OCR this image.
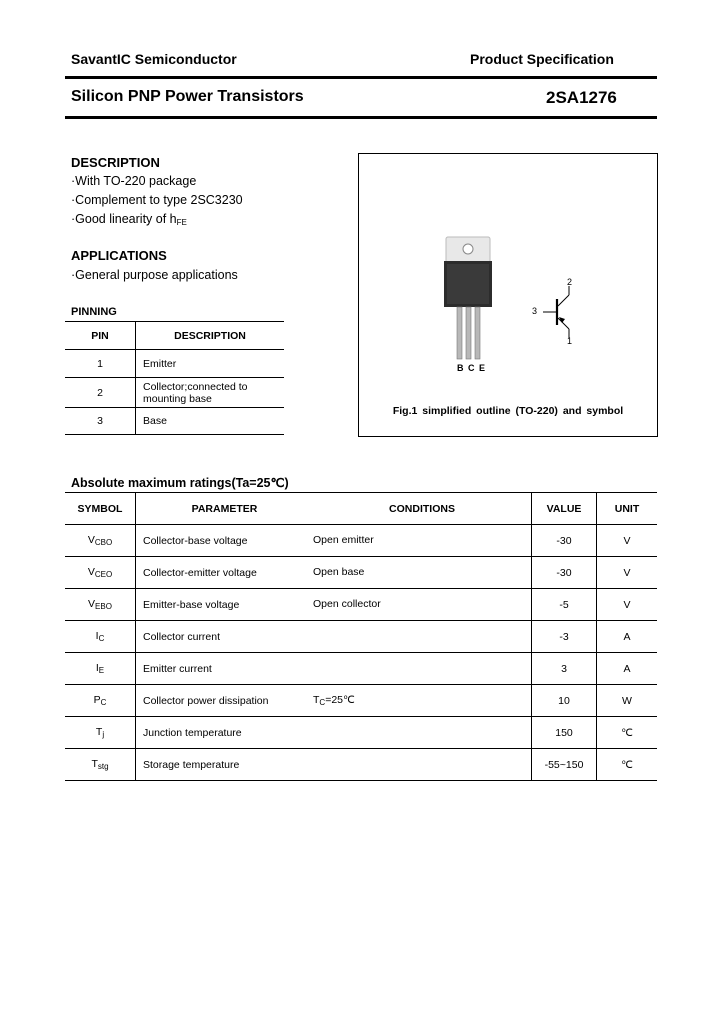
SavantIC Semiconductor	Product Specification
Silicon PNP Power Transistors	2SA1276
DESCRIPTION
·With TO-220 package
·Complement to type 2SC3230
·Good linearity of $h_{FE}$
APPLICATIONS
·General purpose applications
PINNING
PIN	DESCRIPTION
1	Emitter
2	Collector;connected to
mounting base
3	Base
B C E
2
3
1
Fig.1 simplified outline (TO-220) and symbol
Absolute maximum ratings(Ta=25℃)
SYMBOL	PARAMETER	CONDITIONS	VALUE	UNIT
$V_{CBO}$	Collector-base voltage	Open emitter	-30	V
$V_{CEO}$	Collector-emitter voltage	Open base	-30	V
$V_{EBO}$	Emitter-base voltage	Open collector	-5	V
$I_C$	Collector current		-3	A
$I_E$	Emitter current		3	A
$P_C$	Collector power dissipation	$T_C=25℃$	10	W
$T_j$	Junction temperature		150	℃
$T_{stg}$	Storage temperature		-55~150	℃
